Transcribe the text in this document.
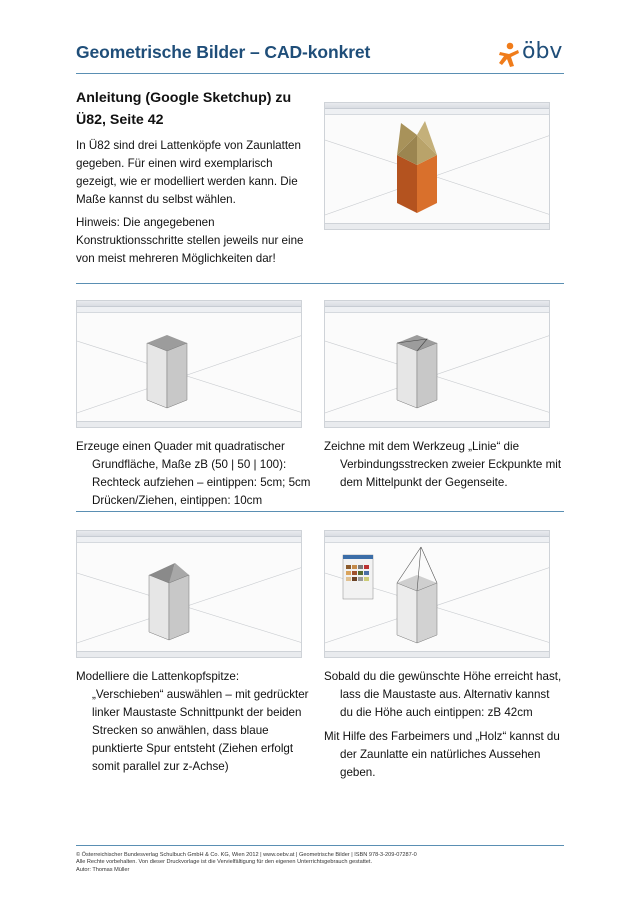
Geometrische Bilder – CAD-konkret	öbv
Anleitung (Google Sketchup) zu Ü82, Seite 42
In Ü82 sind drei Lattenköpfe von Zaunlatten gegeben. Für einen wird exemplarisch gezeigt, wie er modelliert werden kann. Die Maße kannst du selbst wählen.
Hinweis: Die angegebenen Konstruktionsschritte stellen jeweils nur eine von meist mehreren Möglichkeiten dar!
Erzeuge einen Quader mit quadratischer
Grundfläche, Maße zB (50 | 50 | 100): Rechteck aufziehen – eintippen: 5cm; 5cm Drücken/Ziehen, eintippen: 10cm
Zeichne mit dem Werkzeug „Linie“ die
Verbindungsstrecken zweier Eckpunkte mit dem Mittelpunkt der Gegenseite.
Modelliere die Lattenkopfspitze:
„Verschieben“ auswählen – mit gedrückter linker Maustaste Schnittpunkt der beiden Strecken so anwählen, dass blaue punktierte Spur entsteht (Ziehen erfolgt somit parallel zur z-Achse)
Sobald du die gewünschte Höhe erreicht hast,
lass die Maustaste aus. Alternativ kannst du die Höhe auch eintippen: zB 42cm
Mit Hilfe des Farbeimers und „Holz“ kannst du
der Zaunlatte ein natürliches Aussehen geben.
© Österreichischer Bundesverlag Schulbuch GmbH & Co. KG, Wien 2012 | www.oebv.at | Geometrische Bilder | ISBN 978-3-209-07287-0
Alle Rechte vorbehalten. Von dieser Druckvorlage ist die Vervielfältigung für den eigenen Unterrichtsgebrauch gestattet.
Autor: Thomas Müller
